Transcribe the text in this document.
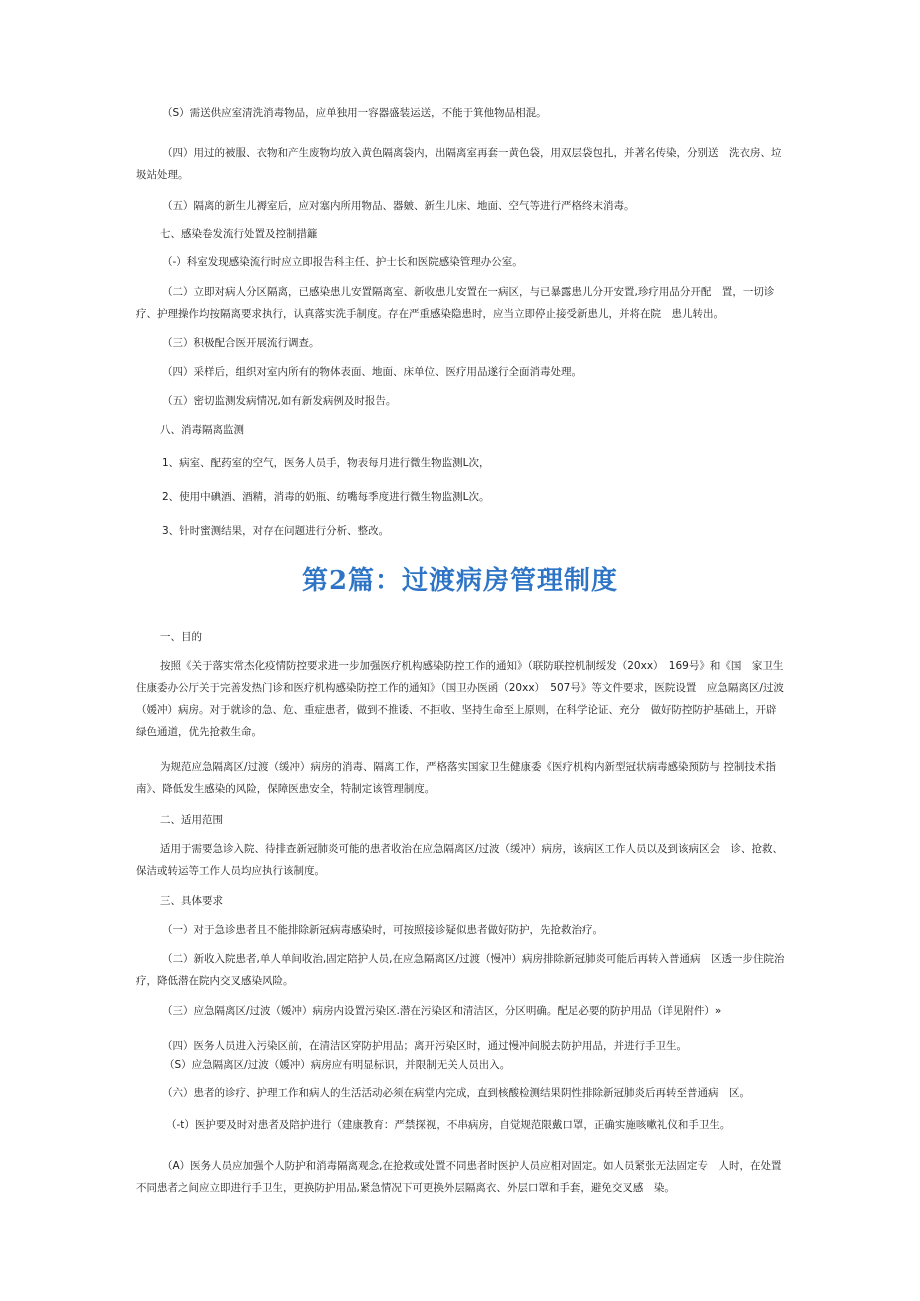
（S）需送供应室清洗消毒物品，应单独用一容器盛装运送，不能于箕他物品相混。

（四）用过的被服、衣物和产生废物均放入黄色隔离袋内，出隔离室再套一黄色袋，用双层袋包扎，并著名传染，分别送　洗衣房、垃圾站处理。

（五）隔离的新生儿褥室后，应对塞内所用物品、器皴、新生儿床、地面、空气等进行严格终末消毒。

七、感染卷发流行处置及控制措籬

（-）科室发现感染流行时应立即报告科主任、护士长和医院感染管理办公室。

（二）立即对病人分区隔离，已感染患儿安置隔离室、新收患儿安置在一病区，与已暴露患儿分开安置,珍疗用品分开配　置，一切诊疗、护理操作均按隔离要求执行，认真落实洗手制度。存在严重感染隐患时，应当立即停止接受新患儿，并将在院　患儿转出。

（三）积极配合医开展流行调查。

（四）采样后，组织对室内所有的物体表面、地面、床单位、医疗用品遂行全面消毒处理。

（五）密切监测发病情况,如有新发病例及时报告。

八、消毒隔离监测

1、病室、配药室的空气，医务人员手，物表每月进行微生物监测L次，

2、使用中碘酒、酒精，消毒的奶瓶、纺嘴每季度进行微生物监测L次。

3、针时蜜测结果，对存在问题进行分析、整改。

第2篇：过渡病房管理制度

一、目的

按照《关于落实常杰化疫情防控要求进一步加强医疗机构感染防控工作的通知》（联防联控机制绥发（20xx）　169号》和《国　家卫生住康委办公厅关于完善发热门诊和医疗机构感染防控工作的通知》（国卫办医函（20xx）　507号》等文件要求，医院设置　应急隔离区/过波（媛冲）病房。对于就诊的急、危、重症患者，做到不推诿、不拒收、坚持生命至上原则，在科学论证、充分　做好防控防护基础上，开辟绿色通道，优先抢救生命。

为规范应急隔离区/过渡（缓冲）病房的消毒、隔离工作，严格落实国家卫生健康委《医疗机构内新型冠状病毒感染预防与 控制技术指南》、降低发生感染的风险，保障医患安全，特制定该管理制度。

二、适用范围

适用于需要急诊入院、待排查新冠肺炎可能的患者收治在应急隔离区/过波（缓冲）病房，该病区工作人员以及到该病区会　诊、抢救、保洁或转运等工作人员均应执行该制度。

三、具体要求

（一）对于急诊患者且不能排除新冠病毒感染时，可按照接诊疑似患者做好防护，先抢救治疗。

（二）新收入院患者,单人单间收治,固定陪护人员,在应急隔离区/过渡（慢冲）病房排除新冠肺炎可能后再转入普通病　区透一步住院治疗，降低潜在院内交叉感染风险。

（三）应急隔离区/过波（媛冲）病房内设置污染区.潜在污染区和清洁区，分区明确。配足必要的防护用品（详见附件）»

（四）医务人员进入污染区前，在清洁区穿防护用品；离开污染区时，通过慢冲间脱去防护用品，并进行手卫生。

（S）应急隔离区/过波（媛冲）病房应有明显标识，并限制无关人员出入。

（六）患者的诊疗、护理工作和病人的生活活动必须在病堂内完成，直到核酸检测结果阴性排除新冠肺炎后再转至普通病　区。

（-t）医护要及时对患者及陪护进行（建康教育：严禁探视，不串病房，自觉规范限戴口罩，正确实施咳嗽礼仪和手卫生。

（A）医务人员应加强个人防护和消毒隔离观念,在抢救或处置不同患者时医护人员应相对固定。如人员紧张无法固定专　人时，在处置不同患者之间应立即进行手卫生，更换防护用品,紧急情况下可更换外层隔离衣、外层口罩和手套，避免交叉感　染。
